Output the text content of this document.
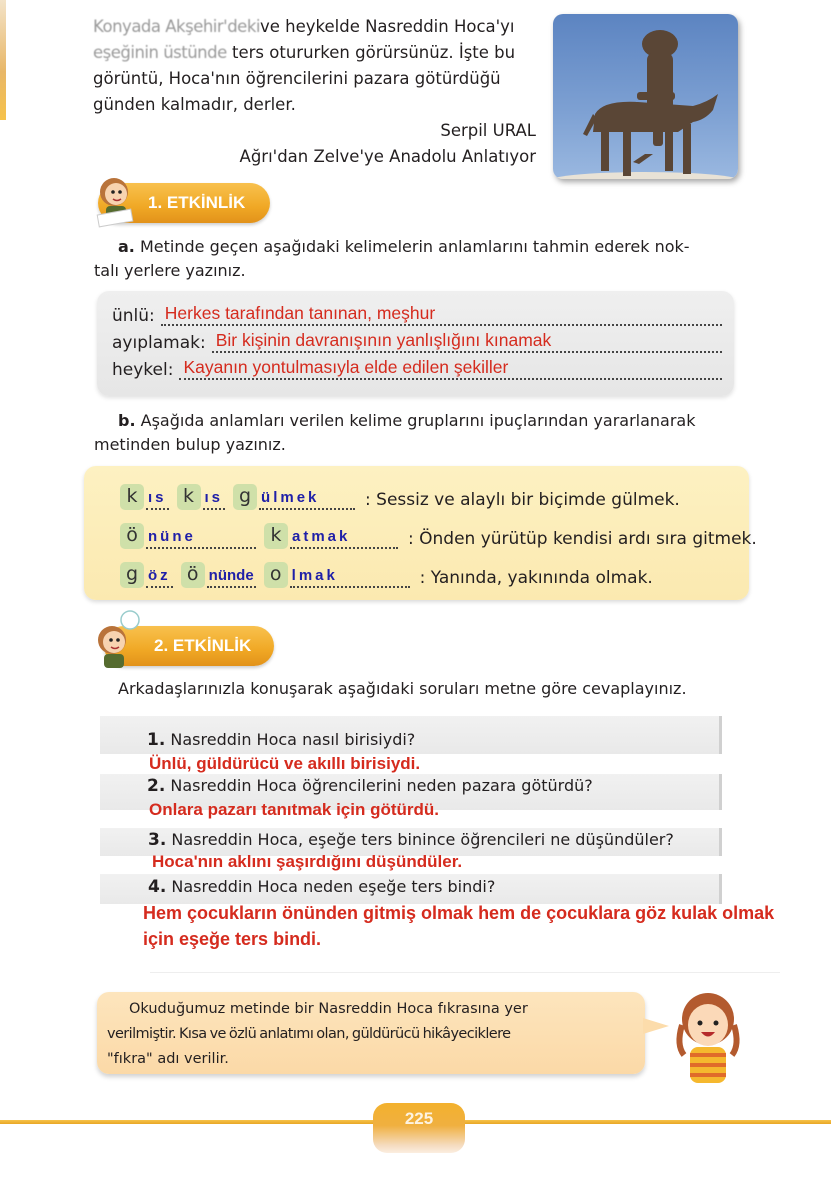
Konyada Akşehir'dekive heykelde Nasreddin Hoca'yı

eşeğinin üstünde ters otururken görürsünüz. İşte bu

görüntü, Hoca'nın öğrencilerini pazara götürdüğü

günden kalmadır, derler.

Serpil URAL

Ağrı'dan Zelve'ye Anadolu Anlatıyor

1. ETKİNLİK
a. Metinde geçen aşağıdaki kelimelerin anlamlarını tahmin ederek nok-
talı yerlere yazınız.
ünlü: Herkes tarafından tanınan, meşhur
ayıplamak: Bir kişinin davranışının yanlışlığını kınamak
heykel: Kayanın yontulmasıyla elde edilen şekiller
b. Aşağıda anlamları verilen kelime gruplarını ipuçlarından yararlanarak
metinden bulup yazınız.
k ıs k ıs g ülmek	: Sessiz ve alaylı bir biçimde gülmek.
ö nüne	k atmak	: Önden yürütüp kendisi ardı sıra gitmek.
g öz ö nünde o lmak	: Yanında, yakınında olmak.
2. ETKİNLİK
Arkadaşlarınızla konuşarak aşağıdaki soruları metne göre cevaplayınız.
1. Nasreddin Hoca nasıl birisiydi?
Ünlü, güldürücü ve akıllı birisiydi.
2. Nasreddin Hoca öğrencilerini neden pazara götürdü?
Onlara pazarı tanıtmak için götürdü.
3. Nasreddin Hoca, eşeğe ters binince öğrencileri ne düşündüler?
Hoca'nın aklını şaşırdığını düşündüler.
4. Nasreddin Hoca neden eşeğe ters bindi?
Hem çocukların önünden gitmiş olmak hem de çocuklara göz kulak olmak
için eşeğe ters bindi.
Okuduğumuz metinde bir Nasreddin Hoca fıkrasına yer
verilmiştir. Kısa ve özlü anlatımı olan, güldürücü hikâyeciklere
"fıkra" adı verilir.
225
